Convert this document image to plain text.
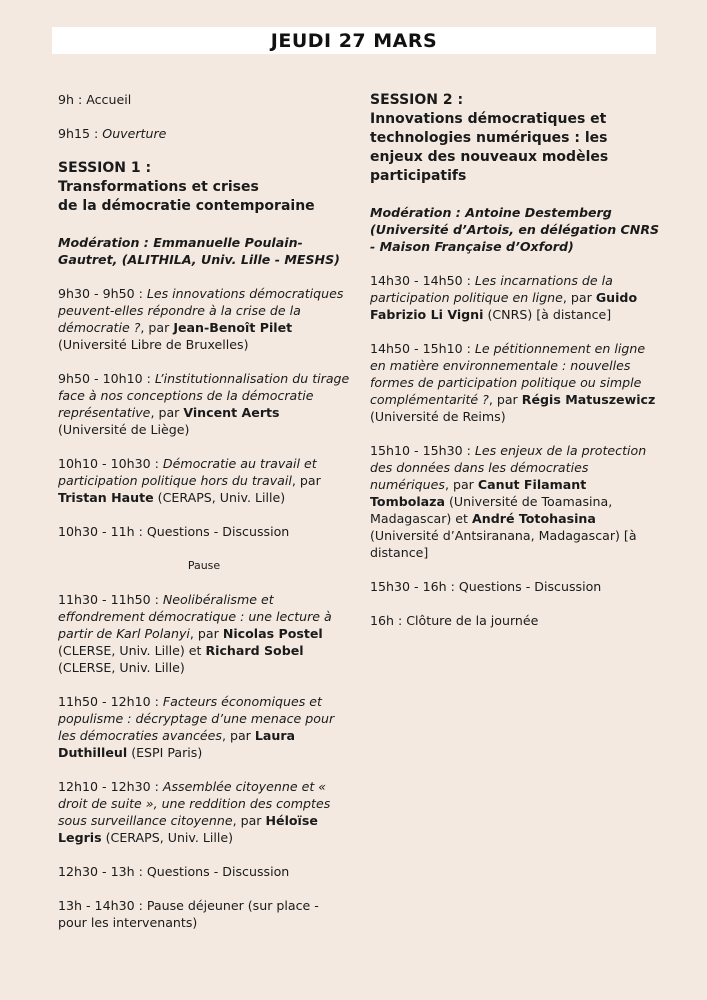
JEUDI 27 MARS
9h : Accueil
9h15 : Ouverture
SESSION 1 :
Transformations et crises
de la démocratie contemporaine
Modération : Emmanuelle Poulain-Gautret, (ALITHILA, Univ. Lille - MESHS)
9h30 - 9h50 : Les innovations démocratiques peuvent-elles répondre à la crise de la démocratie ?, par Jean-Benoît Pilet (Université Libre de Bruxelles)
9h50 - 10h10 : L’institutionnalisation du tirage face à nos conceptions de la démocratie représentative, par Vincent Aerts (Université de Liège)
10h10 - 10h30 : Démocratie au travail et participation politique hors du travail, par Tristan Haute (CERAPS, Univ. Lille)
10h30 - 11h : Questions - Discussion
Pause
11h30 - 11h50 : Neolibéralisme et effondrement démocratique : une lecture à partir de Karl Polanyi, par Nicolas Postel (CLERSE, Univ. Lille) et Richard Sobel (CLERSE, Univ. Lille)
11h50 - 12h10 : Facteurs économiques et populisme : décryptage d’une menace pour les démocraties avancées, par Laura Duthilleul (ESPI Paris)
12h10 - 12h30 : Assemblée citoyenne et « droit de suite », une reddition des comptes sous surveillance citoyenne, par Héloïse Legris (CERAPS, Univ. Lille)
12h30 - 13h : Questions - Discussion
13h - 14h30 : Pause déjeuner (sur place - pour les intervenants)
SESSION 2 :
Innovations démocratiques et technologies numériques : les enjeux des nouveaux modèles participatifs
Modération : Antoine Destemberg (Université d’Artois, en délégation CNRS - Maison Française d’Oxford)
14h30 - 14h50 : Les incarnations de la participation politique en ligne, par Guido Fabrizio Li Vigni (CNRS) [à distance]
14h50 - 15h10 : Le pétitionnement en ligne en matière environnementale : nouvelles formes de participation politique ou simple complémentarité ?, par Régis Matuszewicz (Université de Reims)
15h10 - 15h30 : Les enjeux de la protection des données dans les démocraties numériques, par Canut Filamant Tombolaza (Université de Toamasina, Madagascar) et André Totohasina (Université d’Antsiranana, Madagascar) [à distance]
15h30 - 16h : Questions - Discussion
16h : Clôture de la journée
